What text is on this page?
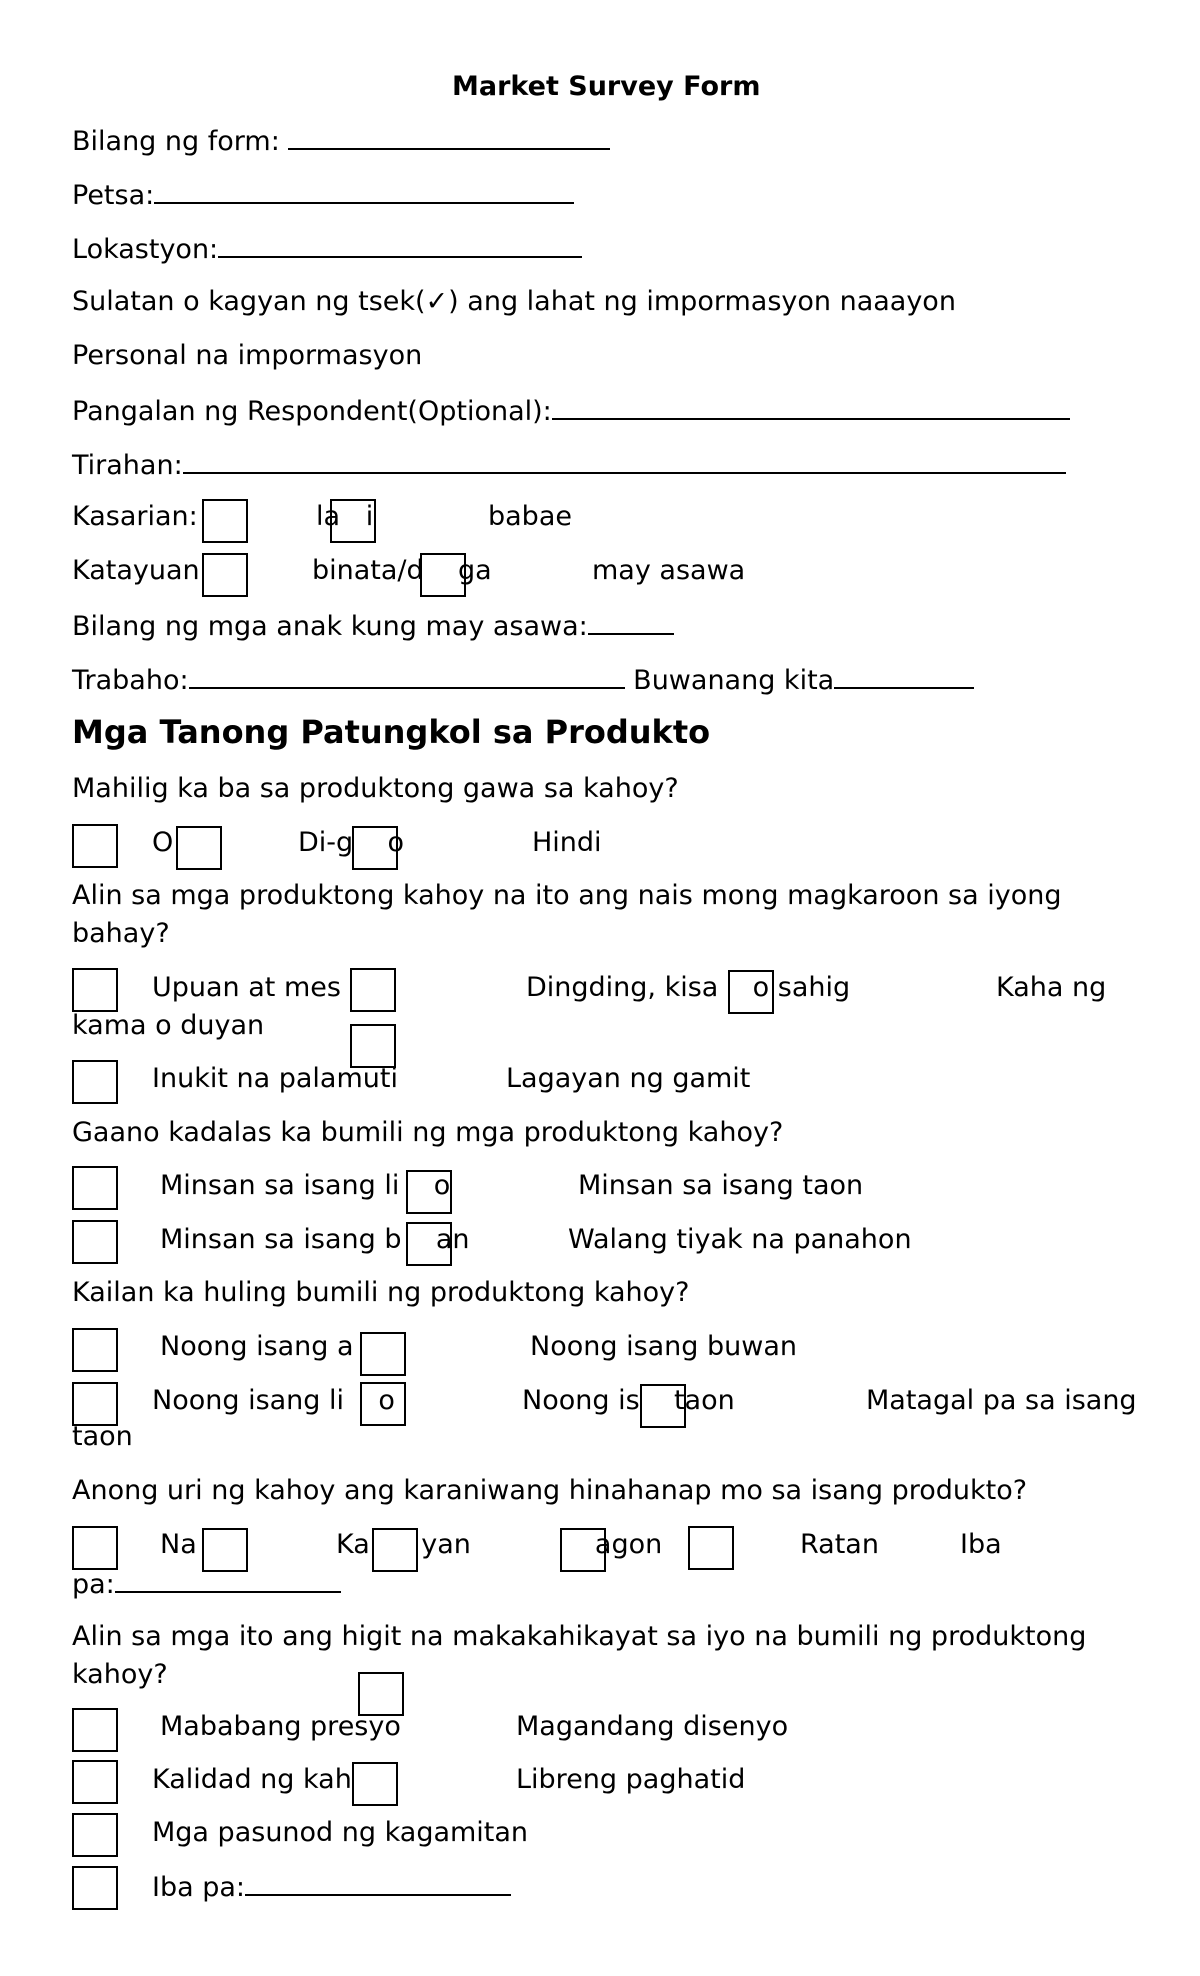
Market Survey Form
Bilang ng form:
Petsa:
Lokastyon:
Sulatan o kagyan ng tsek(✓) ang lahat ng impormasyon naaayon
Personal na impormasyon
Pangalan ng Respondent(Optional):
Tirahan:
Kasarian:	la   i	babae
Katayuan	binata/d    ga	may asawa
Bilang ng mga anak kung may asawa:
Trabaho:	Buwanang kita
Mga Tanong Patungkol sa Produkto
Mahilig ka ba sa produktong gawa sa kahoy?
O	Di-g    o	Hindi
Alin sa mga produktong kahoy na ito ang nais mong magkaroon sa iyong
bahay?
Upuan at mes	Dingding, kisa    o sahig	Kaha ng
kama o duyan
Inukit na palamuti	Lagayan ng gamit
Gaano kadalas ka bumili ng mga produktong kahoy?
Minsan sa isang li    o	Minsan sa isang taon
Minsan sa isang b    an	Walang tiyak na panahon
Kailan ka huling bumili ng produktong kahoy?
Noong isang a	Noong isang buwan
Noong isang li    o	Noong is    taon	Matagal pa sa isang
taon
Anong uri ng kahoy ang karaniwang hinahanap mo sa isang produkto?
Na	Ka      yan	agon	Ratan	Iba
pa:
Alin sa mga ito ang higit na makakahikayat sa iyo na bumili ng produktong
kahoy?
Mababang presyo	Magandang disenyo
Kalidad ng kah	Libreng paghatid
Mga pasunod ng kagamitan
Iba pa:
